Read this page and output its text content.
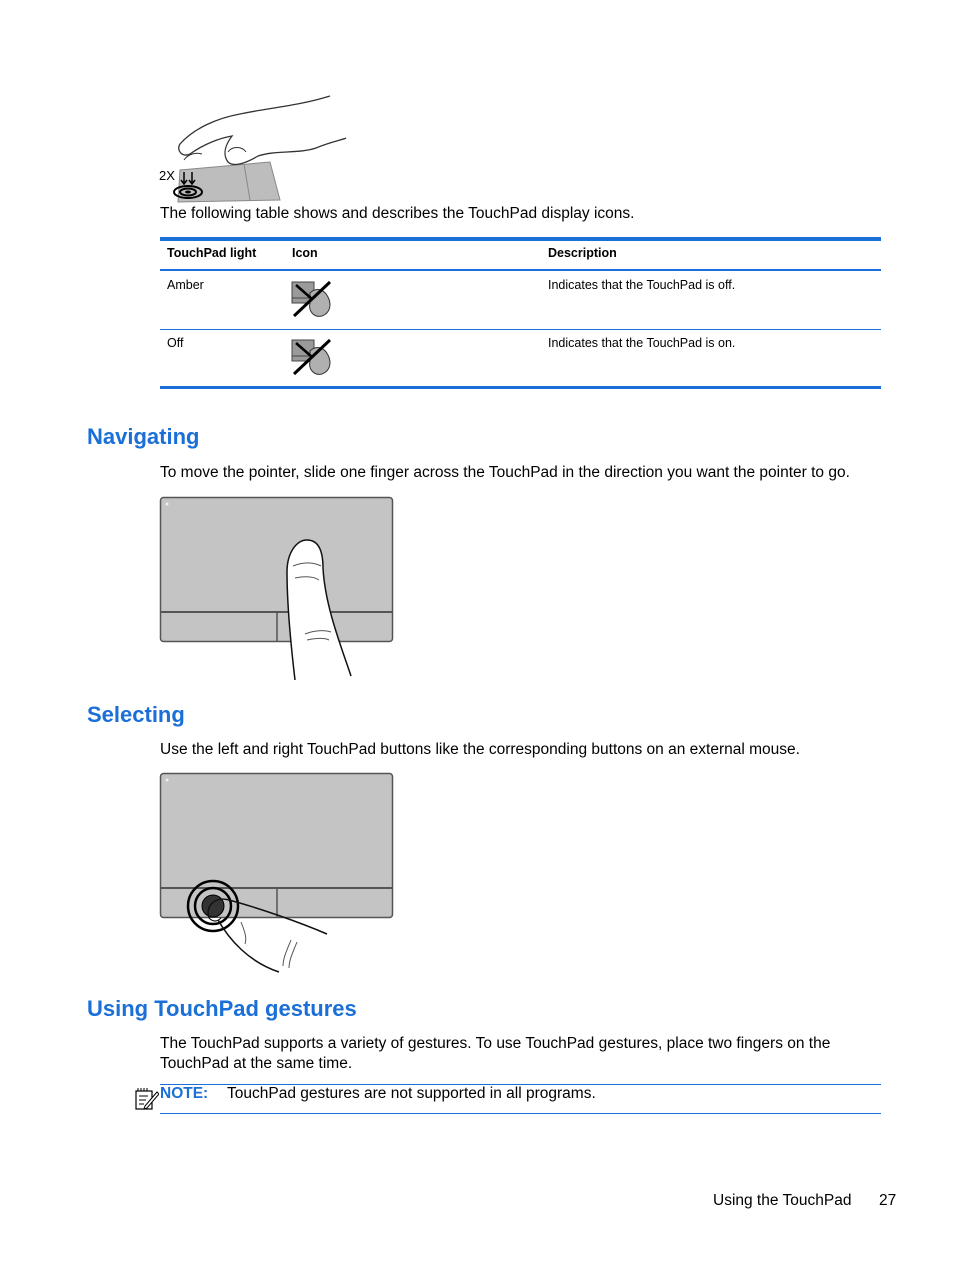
2X
The following table shows and describes the TouchPad display icons.
TouchPad light	Icon	Description
Amber	Indicates that the TouchPad is off.
Off	Indicates that the TouchPad is on.
Navigating
To move the pointer, slide one finger across the TouchPad in the direction you want the pointer to go.
Selecting
Use the left and right TouchPad buttons like the corresponding buttons on an external mouse.
Using TouchPad gestures
The TouchPad supports a variety of gestures. To use TouchPad gestures, place two fingers on the
TouchPad at the same time.
NOTE: TouchPad gestures are not supported in all programs.
Using the TouchPad 27
